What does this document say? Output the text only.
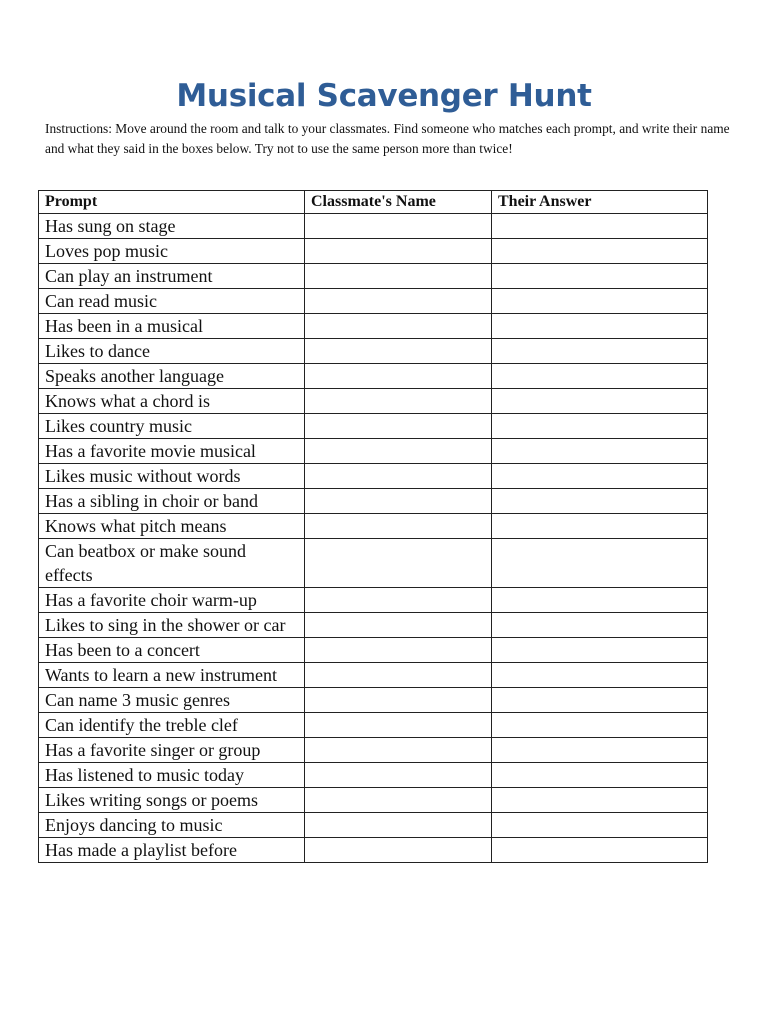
Musical Scavenger Hunt

Instructions: Move around the room and talk to your classmates. Find someone who matches each prompt, and write their name and what they said in the boxes below. Try not to use the same person more than twice!

Prompt	Classmate's Name	Their Answer
Has sung on stage		
Loves pop music		
Can play an instrument		
Can read music		
Has been in a musical		
Likes to dance		
Speaks another language		
Knows what a chord is		
Likes country music		
Has a favorite movie musical		
Likes music without words		
Has a sibling in choir or band		
Knows what pitch means		
Can beatbox or make sound effects		
Has a favorite choir warm-up		
Likes to sing in the shower or car		
Has been to a concert		
Wants to learn a new instrument		
Can name 3 music genres		
Can identify the treble clef		
Has a favorite singer or group		
Has listened to music today		
Likes writing songs or poems		
Enjoys dancing to music		
Has made a playlist before		
